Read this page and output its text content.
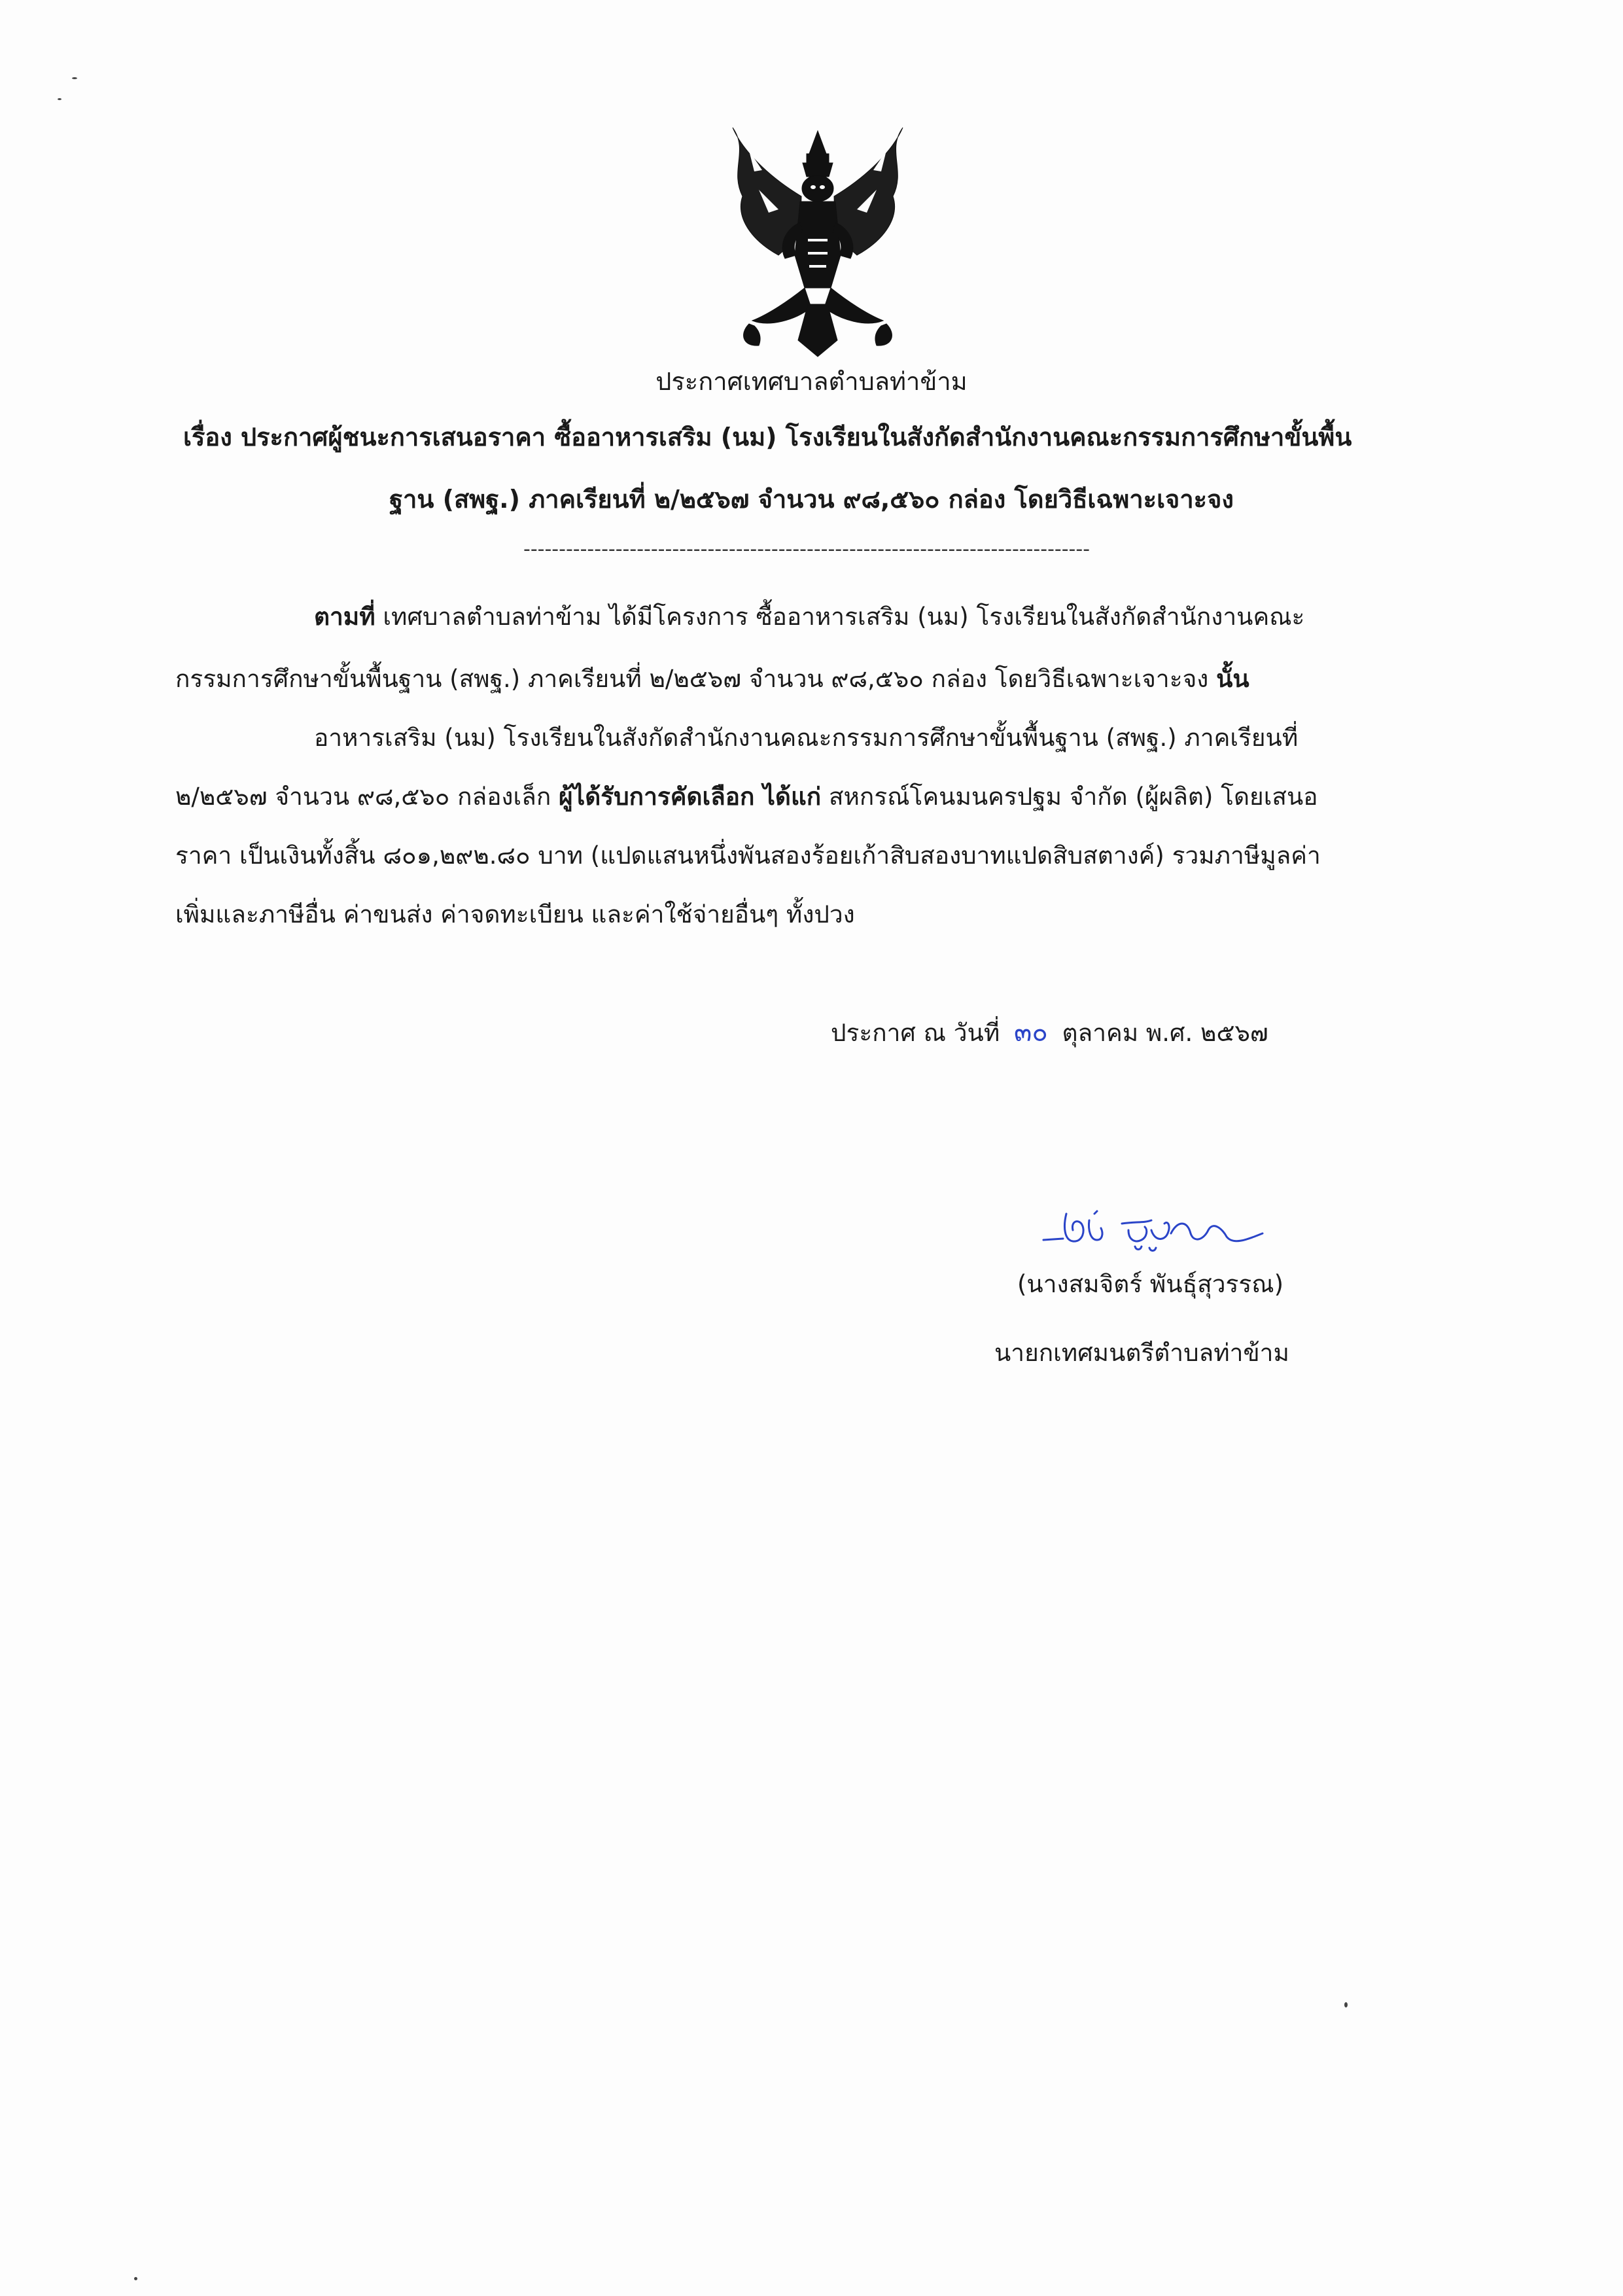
ประกาศเทศบาลตำบลท่าข้าม
เรื่อง ประกาศผู้ชนะการเสนอราคา ซื้ออาหารเสริม (นม) โรงเรียนในสังกัดสำนักงานคณะกรรมการศึกษาขั้นพื้น
ฐาน (สพฐ.) ภาคเรียนที่ ๒/๒๕๖๗ จำนวน ๙๘,๕๖๐ กล่อง โดยวิธีเฉพาะเจาะจง
--------------------------------------------------------------------------------
ตามที่ เทศบาลตำบลท่าข้าม ได้มีโครงการ ซื้ออาหารเสริม (นม) โรงเรียนในสังกัดสำนักงานคณะ
กรรมการศึกษาขั้นพื้นฐาน (สพฐ.) ภาคเรียนที่ ๒/๒๕๖๗ จำนวน ๙๘,๕๖๐ กล่อง โดยวิธีเฉพาะเจาะจง นั้น
อาหารเสริม (นม) โรงเรียนในสังกัดสำนักงานคณะกรรมการศึกษาขั้นพื้นฐาน (สพฐ.) ภาคเรียนที่
๒/๒๕๖๗ จำนวน ๙๘,๕๖๐ กล่องเล็ก ผู้ได้รับการคัดเลือก ได้แก่ สหกรณ์โคนมนครปฐม จำกัด (ผู้ผลิต) โดยเสนอ
ราคา เป็นเงินทั้งสิ้น ๘๐๑,๒๙๒.๘๐ บาท (แปดแสนหนึ่งพันสองร้อยเก้าสิบสองบาทแปดสิบสตางค์) รวมภาษีมูลค่า
เพิ่มและภาษีอื่น ค่าขนส่ง ค่าจดทะเบียน และค่าใช้จ่ายอื่นๆ ทั้งปวง
ประกาศ ณ วันที่ ๓๐ ตุลาคม พ.ศ. ๒๕๖๗
(นางสมจิตร์ พันธุ์สุวรรณ)
นายกเทศมนตรีตำบลท่าข้าม
